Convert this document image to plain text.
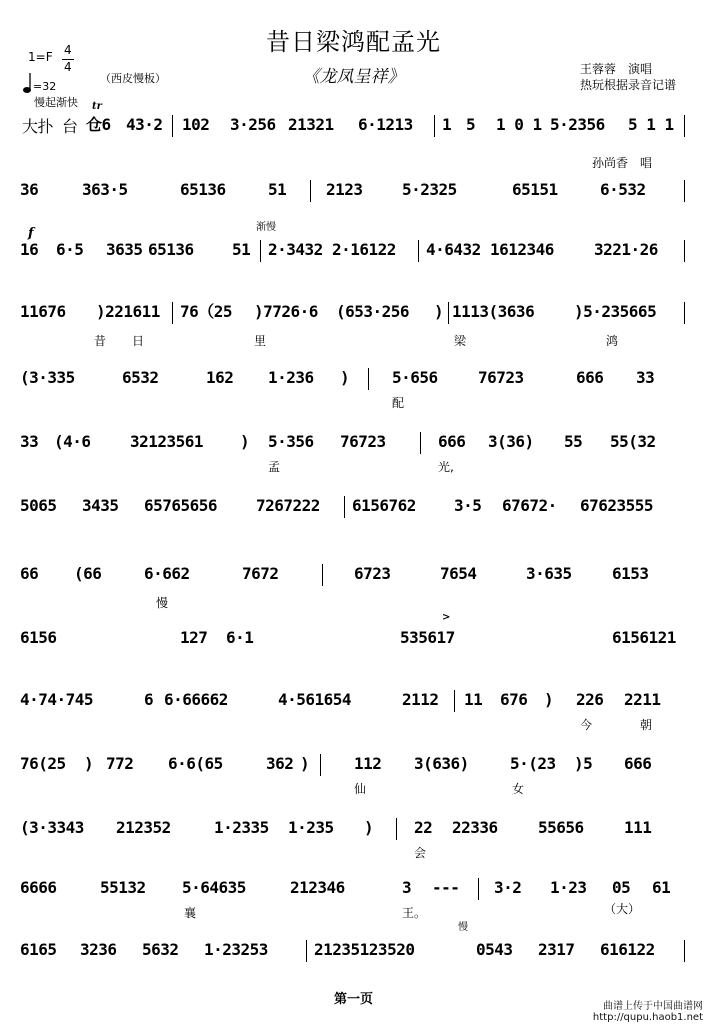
昔日梁鸿配孟光
《龙凤呈祥》
1=F 4
4
（西皮慢板）
=32
慢起渐快
王蓉蓉　演唱
热玩根据录音记谱
大扑 台 仓6 43·2 102 3·256 21321 6·1213 1 5 1 0 1 5·2356 5 1 1
tr
孙尚香　唱
36	363·5	65136	51 2123 5·2325	65151	6·532
16 6·5 3635 65136 51 2·3432 2·16122 4·6432 1612346	3221·26
f	渐慢
11676 )221611 76（25 )7726·6 (653·256 ) 1113(3636 )5·235665
昔 日	里	梁	鸿
(3·335	6532	162 1·236 )	5·656	76723	666 33
配
33 (4·6 32123561 ) 5·356 76723	666 3(36) 55 55(32
孟	光,
5065 3435 65765656 7267222 6156762 3·5 67672· 67623555
66 (66	6·662	7672	6723	7654	3·635	6153
慢
6156	127 6·1	535617	6156121
>
4·74·745	6 6·66662	4·561654	2112 11 676 ) 226 2211
今	朝
76(25 ) 772 6·6(65	362 )	112 3(636)	5·(23 )5 666
仙	女
(3·3343 212352	1·2335 1·235 )	22 22336	55656	111
会
6666	55132 5·64635	212346	3 --- 3·2 1·23 05 61
襄	王。	（大）
慢
6165 3236 5632 1·23253	21235123520	0543 2317 616122
第一页	曲谱上传于中国曲谱网
http://qupu.haob1.net
